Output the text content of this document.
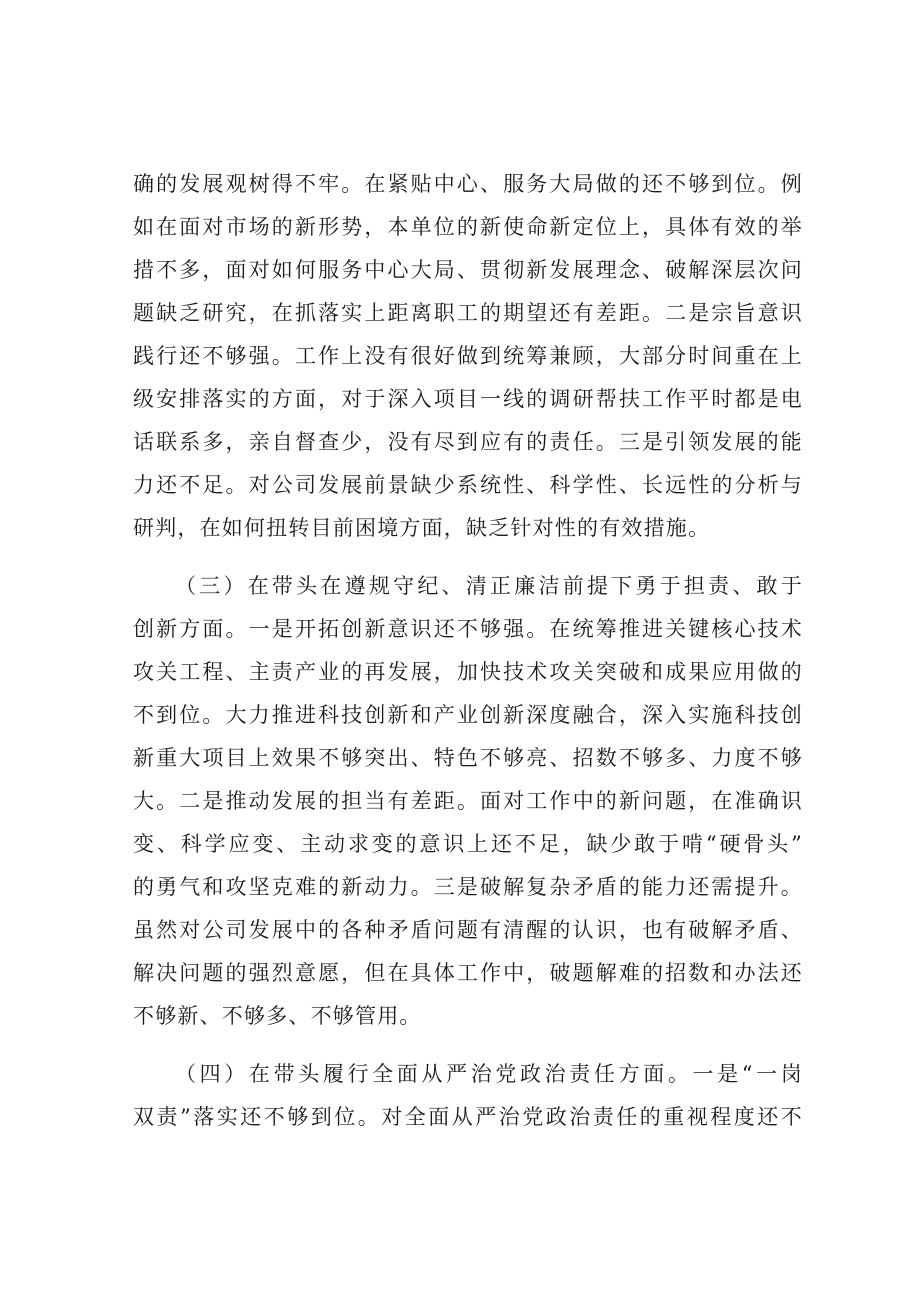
确的发展观树得不牢。在紧贴中心、服务大局做的还不够到位。例
如在面对市场的新形势，本单位的新使命新定位上，具体有效的举
措不多，面对如何服务中心大局、贯彻新发展理念、破解深层次问
题缺乏研究，在抓落实上距离职工的期望还有差距。二是宗旨意识
践行还不够强。工作上没有很好做到统筹兼顾，大部分时间重在上
级安排落实的方面，对于深入项目一线的调研帮扶工作平时都是电
话联系多，亲自督查少，没有尽到应有的责任。三是引领发展的能
力还不足。对公司发展前景缺少系统性、科学性、长远性的分析与
研判，在如何扭转目前困境方面，缺乏针对性的有效措施。
（三）在带头在遵规守纪、清正廉洁前提下勇于担责、敢于
创新方面。一是开拓创新意识还不够强。在统筹推进关键核心技术
攻关工程、主责产业的再发展，加快技术攻关突破和成果应用做的
不到位。大力推进科技创新和产业创新深度融合，深入实施科技创
新重大项目上效果不够突出、特色不够亮、招数不够多、力度不够
大。二是推动发展的担当有差距。面对工作中的新问题，在准确识
变、科学应变、主动求变的意识上还不足，缺少敢于啃“硬骨头”
的勇气和攻坚克难的新动力。三是破解复杂矛盾的能力还需提升。
虽然对公司发展中的各种矛盾问题有清醒的认识，也有破解矛盾、
解决问题的强烈意愿，但在具体工作中，破题解难的招数和办法还
不够新、不够多、不够管用。
（四）在带头履行全面从严治党政治责任方面。一是“一岗
双责”落实还不够到位。对全面从严治党政治责任的重视程度还不
